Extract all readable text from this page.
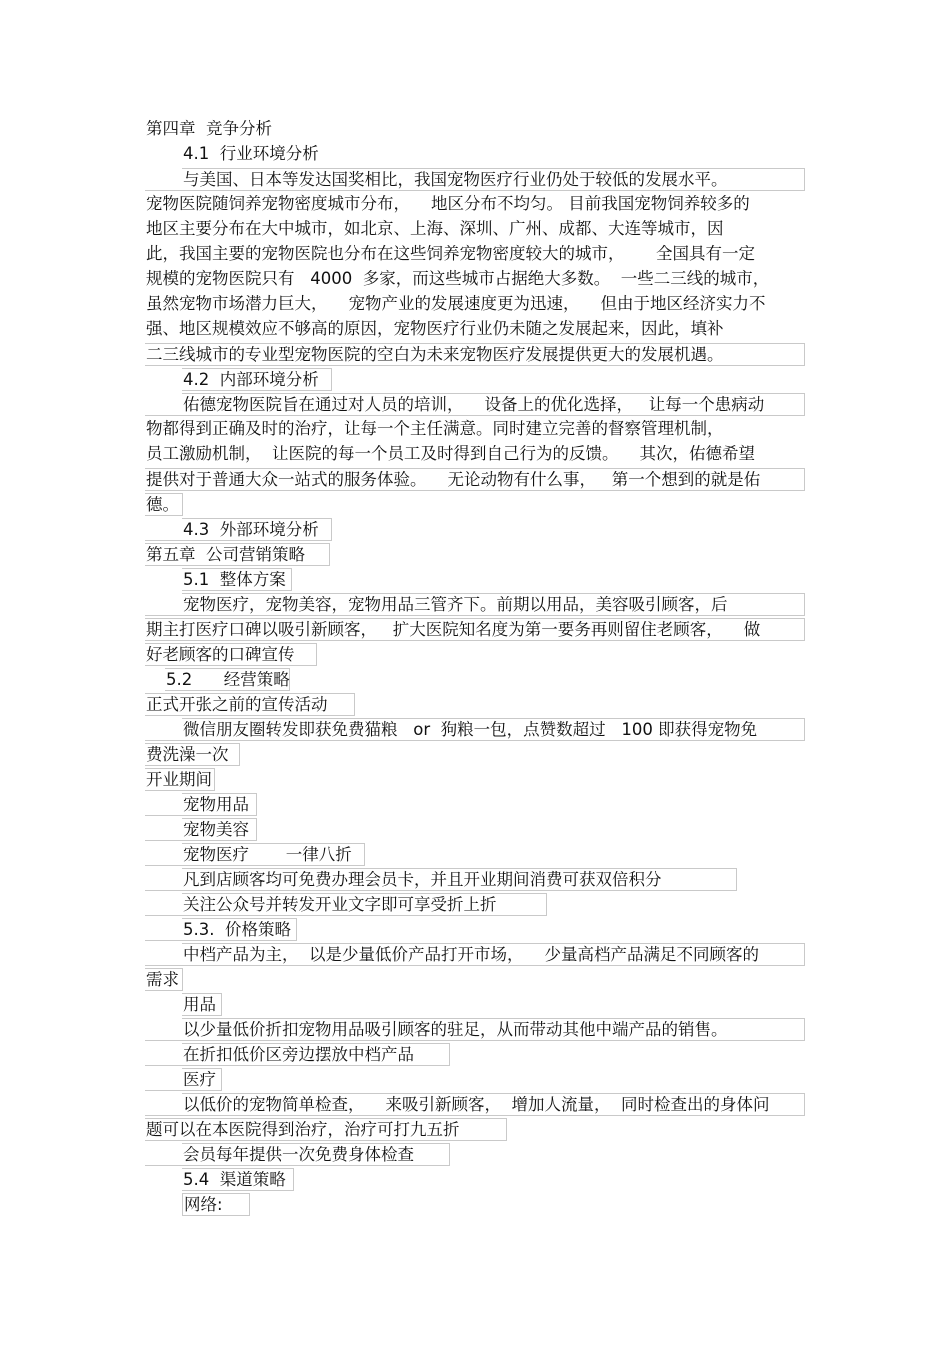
第四章  竞争分析
4.1  行业环境分析
与美国、日本等发达国奖相比，我国宠物医疗行业仍处于较低的发展水平。
宠物医院随饲养宠物密度城市分布，    地区分布不均匀。 目前我国宠物饲养较多的
地区主要分布在大中城市，如北京、上海、深圳、广州、成都、大连等城市，因
此，我国主要的宠物医院也分布在这些饲养宠物密度较大的城市，      全国具有一定
规模的宠物医院只有   4000  多家，而这些城市占据绝大多数。  一些二三线的城市，
虽然宠物市场潜力巨大，    宠物产业的发展速度更为迅速，    但由于地区经济实力不
强、地区规模效应不够高的原因，宠物医疗行业仍未随之发展起来，因此，填补
二三线城市的专业型宠物医院的空白为未来宠物医疗发展提供更大的发展机遇。
4.2  内部环境分析
佑德宠物医院旨在通过对人员的培训，    设备上的优化选择，   让每一个患病动
物都得到正确及时的治疗，让每一个主任满意。同时建立完善的督察管理机制，
员工激励机制，  让医院的每一个员工及时得到自己行为的反馈。    其次，佑德希望
提供对于普通大众一站式的服务体验。    无论动物有什么事，   第一个想到的就是佑
德。
4.3  外部环境分析
第五章  公司营销策略
5.1  整体方案
宠物医疗，宠物美容，宠物用品三管齐下。前期以用品，美容吸引顾客，后
期主打医疗口碑以吸引新顾客，   扩大医院知名度为第一要务再则留住老顾客，    做
好老顾客的口碑宣传
5.2      经营策略
正式开张之前的宣传活动
微信朋友圈转发即获免费猫粮   or  狗粮一包，点赞数超过   100 即获得宠物免
费洗澡一次
开业期间
宠物用品
宠物美容
宠物医疗       一律八折
凡到店顾客均可免费办理会员卡，并且开业期间消费可获双倍积分
关注公众号并转发开业文字即可享受折上折
5.3.  价格策略
中档产品为主，  以是少量低价产品打开市场，    少量高档产品满足不同顾客的
需求
用品
以少量低价折扣宠物用品吸引顾客的驻足，从而带动其他中端产品的销售。
在折扣低价区旁边摆放中档产品
医疗
以低价的宠物简单检查，    来吸引新顾客，  增加人流量，  同时检查出的身体问
题可以在本医院得到治疗，治疗可打九五折
会员每年提供一次免费身体检查
5.4  渠道策略
网络:
